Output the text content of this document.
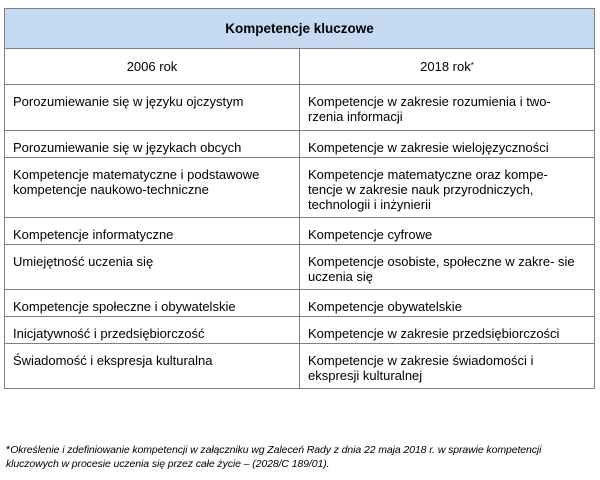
Kompetencje kluczowe	
2006 rok	2018 rok*
Porozumiewanie się w języku ojczystym	Kompetencje w zakresie rozumienia i two- rzenia informacji
Porozumiewanie się w językach obcych	Kompetencje w zakresie wielojęzyczności
Kompetencje matematyczne i podstawowe kompetencje naukowo-techniczne	Kompetencje matematyczne oraz kompe- tencje w zakresie nauk przyrodniczych, technologii i inżynierii
Kompetencje informatyczne	Kompetencje cyfrowe
Umiejętność uczenia się	Kompetencje osobiste, społeczne w zakre- sie uczenia się
Kompetencje społeczne i obywatelskie	Kompetencje obywatelskie
Inicjatywność i przedsiębiorczość	Kompetencje w zakresie przedsiębiorczości
Świadomość i ekspresja kulturalna	Kompetencje w zakresie świadomości i ekspresji kulturalnej
*Określenie i zdefiniowanie kompetencji w załączniku wg Zaleceń Rady z dnia 22 maja 2018 r. w sprawie kompetencji kluczowych w procesie uczenia się przez całe życie – (2028/C 189/01).
